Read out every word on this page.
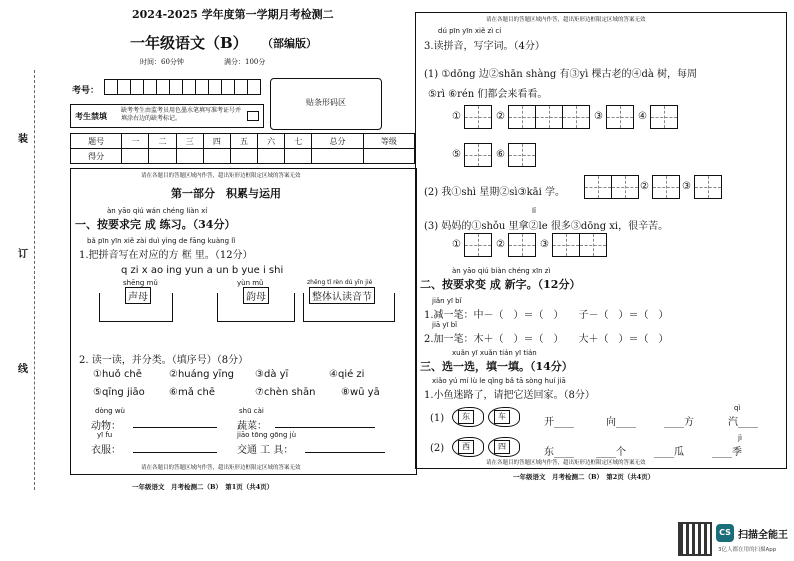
2024-2025 学年度第一学期月考检测二
一年级语文（B） （部编版）
时间：60分钟	满分：100分
考号：
贴条形码区
考生禁填
缺考考生由监考员用色墨水笔填写准考证号并填涂右边的缺考标记。
装
订
线
题号	一	二	三	四	五	六	七	总分	等级
得分									
请在各题目的答题区域内作答，超出矩形边框限定区域的答案无效
第一部分　积累与运用
àn yāo qiú wán chéng liàn xí
一、按要求完 成 练习。（34分）
bǎ pīn yīn xiě zài duì yìng de fāng kuàng lǐ
1.把拼音写在对应的方 框 里。（12分）
q zi x ao ing yun a un b yue i shi
shēng mǔ
声母
yùn mǔ
韵母
zhěng tǐ rèn dú yīn jié
整体认读音节
2. 读一读，并分类。（填序号）（8分）
①huǒ chē	②huáng yīng ③dà yī	④qié zi
⑤qīng jiāo ⑥mǎ chē	⑦chèn shān	⑧wū yā
dòng wù	shū cài
动物：	蔬菜：
yī fu	jiāo tōng gōng jù
衣服：	交通 工 具：
请在各题目的答题区域内作答，超出矩形边框限定区域的答案无效
一年级语文　月考检测二（B）　第1页（共4页）
请在各题目的答题区域内作答，超出矩形边框限定区域的答案无效
dú pīn yīn xiě zì cí
3.读拼音，写字词。（4分）
(1) ①dōng 边②shān shàng 有③yì 棵古老的④dà 树，每周
⑤rì ⑥rén 们都会来看看。
①	②	③	④
⑤	⑥
(2) 我①shì 星期②sì③kāi 学。
②	③
lǐ
(3) 妈妈的①shǒu 里拿②le 很多③dōng xi，很辛苦。
①	②	③
àn yāo qiú biàn chéng xīn zì
二、按要求变 成 新字。（12分）
jiǎn yī bǐ
1.减一笔：中－（　）＝（　）　　子－（　）＝（　）
jiā yī bǐ
2.加一笔：木＋（　）＝（　）　　大＋（　）＝（　）
xuǎn yī xuǎn tián yī tián
三、选一选，填一填。（14分）
xiǎo yú mí lù le qǐng bǎ tā sòng huí jiā
1.小鱼迷路了，请把它送回家。（8分）
(1)	东	车
开____	向____	____方
qì
汽____
(2)	西	四
东____ ____个	____瓜
jì
____季
请在各题目的答题区域内作答，超出矩形边框限定区域的答案无效
一年级语文　月考检测二（B）　第2页（共4页）
CS 扫描全能王
3亿人都在用的扫描App
